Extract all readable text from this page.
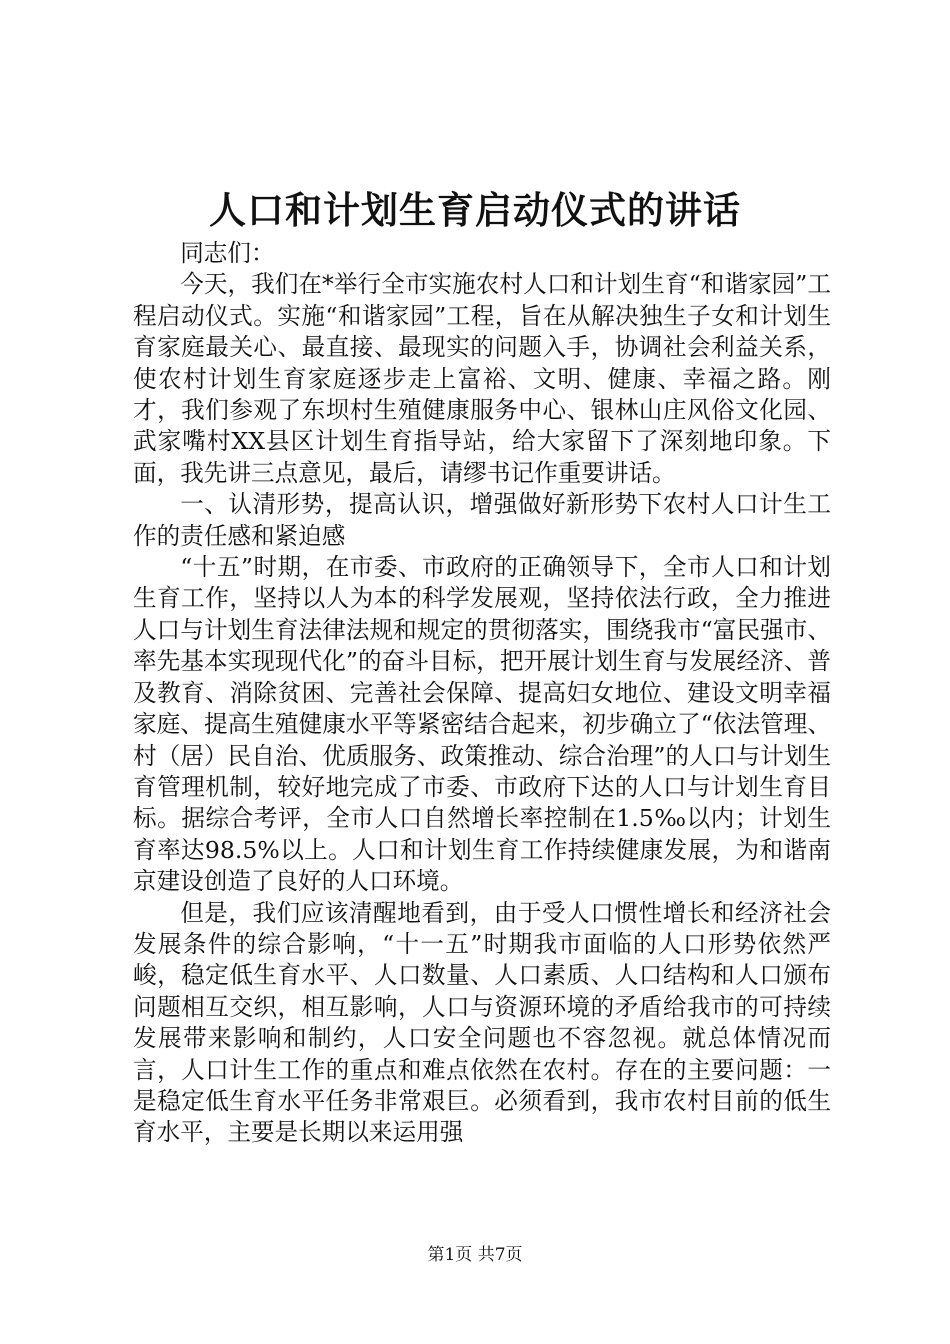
人口和计划生育启动仪式的讲话

同志们：

今天，我们在*举行全市实施农村人口和计划生育“和谐家园”工程启动仪式。实施“和谐家园”工程，旨在从解决独生子女和计划生育家庭最关心、最直接、最现实的问题入手，协调社会利益关系，使农村计划生育家庭逐步走上富裕、文明、健康、幸福之路。刚才，我们参观了东坝村生殖健康服务中心、银林山庄风俗文化园、武家嘴村XX县区计划生育指导站，给大家留下了深刻地印象。下面，我先讲三点意见，最后，请缪书记作重要讲话。

一、认清形势，提高认识，增强做好新形势下农村人口计生工作的责任感和紧迫感

“十五”时期，在市委、市政府的正确领导下，全市人口和计划生育工作，坚持以人为本的科学发展观，坚持依法行政，全力推进人口与计划生育法律法规和规定的贯彻落实，围绕我市“富民强市、率先基本实现现代化”的奋斗目标，把开展计划生育与发展经济、普及教育、消除贫困、完善社会保障、提高妇女地位、建设文明幸福家庭、提高生殖健康水平等紧密结合起来，初步确立了“依法管理、村（居）民自治、优质服务、政策推动、综合治理”的人口与计划生育管理机制，较好地完成了市委、市政府下达的人口与计划生育目标。据综合考评，全市人口自然增长率控制在1.5‰以内；计划生育率达98.5%以上。人口和计划生育工作持续健康发展，为和谐南京建设创造了良好的人口环境。

但是，我们应该清醒地看到，由于受人口惯性增长和经济社会发展条件的综合影响，“十一五”时期我市面临的人口形势依然严峻，稳定低生育水平、人口数量、人口素质、人口结构和人口颁布问题相互交织，相互影响，人口与资源环境的矛盾给我市的可持续发展带来影响和制约，人口安全问题也不容忽视。就总体情况而言，人口计生工作的重点和难点依然在农村。存在的主要问题：一是稳定低生育水平任务非常艰巨。必须看到，我市农村目前的低生育水平，主要是长期以来运用强

第1页 共7页
